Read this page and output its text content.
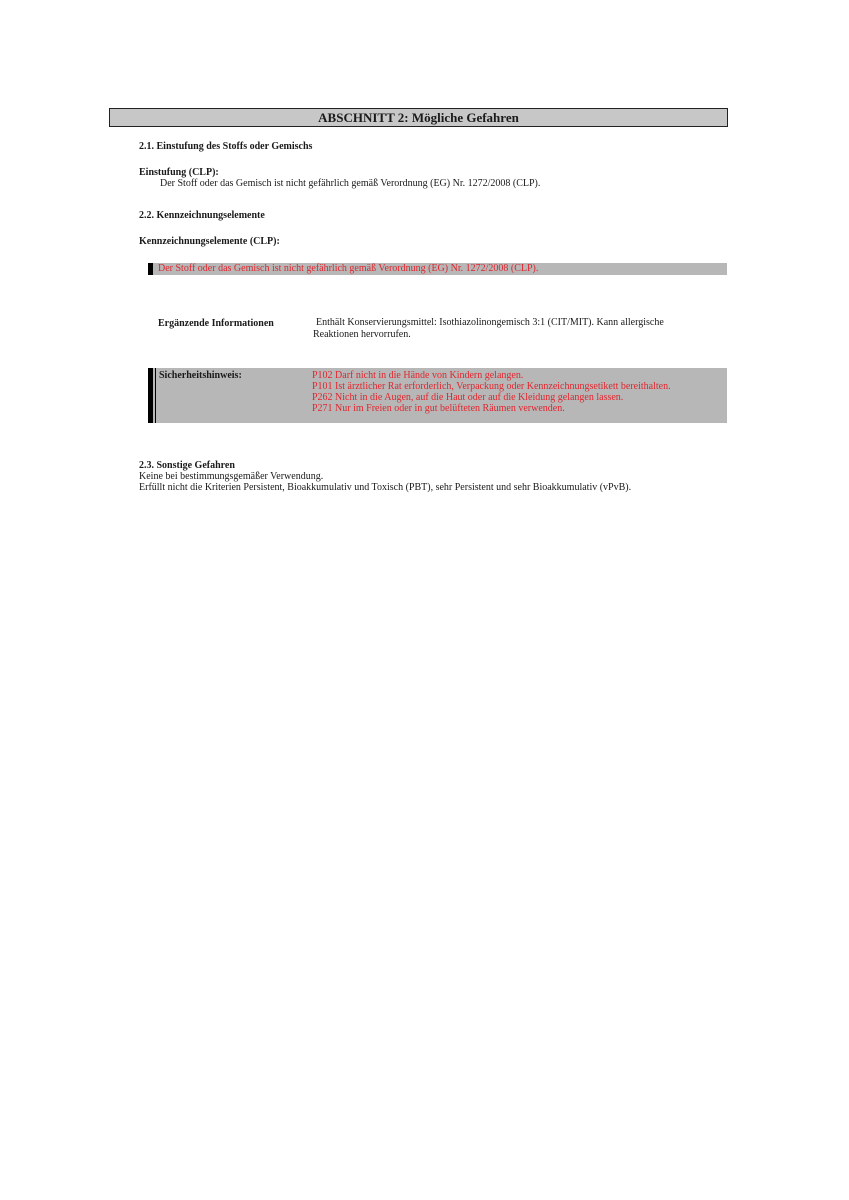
ABSCHNITT 2: Mögliche Gefahren
2.1. Einstufung des Stoffs oder Gemischs
Einstufung (CLP):
Der Stoff oder das Gemisch ist nicht gefährlich gemäß Verordnung (EG) Nr. 1272/2008 (CLP).
2.2. Kennzeichnungselemente
Kennzeichnungselemente (CLP):
Der Stoff oder das Gemisch ist nicht gefährlich gemäß Verordnung (EG) Nr. 1272/2008 (CLP).
Ergänzende Informationen	Enthält Konservierungsmittel: Isothiazolinongemisch 3:1 (CIT/MIT). Kann allergische
Reaktionen hervorrufen.
Sicherheitshinweis:	P102 Darf nicht in die Hände von Kindern gelangen.
P101 Ist ärztlicher Rat erforderlich, Verpackung oder Kennzeichnungsetikett bereithalten.
P262 Nicht in die Augen, auf die Haut oder auf die Kleidung gelangen lassen.
P271 Nur im Freien oder in gut belüfteten Räumen verwenden.
2.3. Sonstige Gefahren
Keine bei bestimmungsgemäßer Verwendung.
Erfüllt nicht die Kriterien Persistent, Bioakkumulativ und Toxisch (PBT), sehr Persistent und sehr Bioakkumulativ (vPvB).
